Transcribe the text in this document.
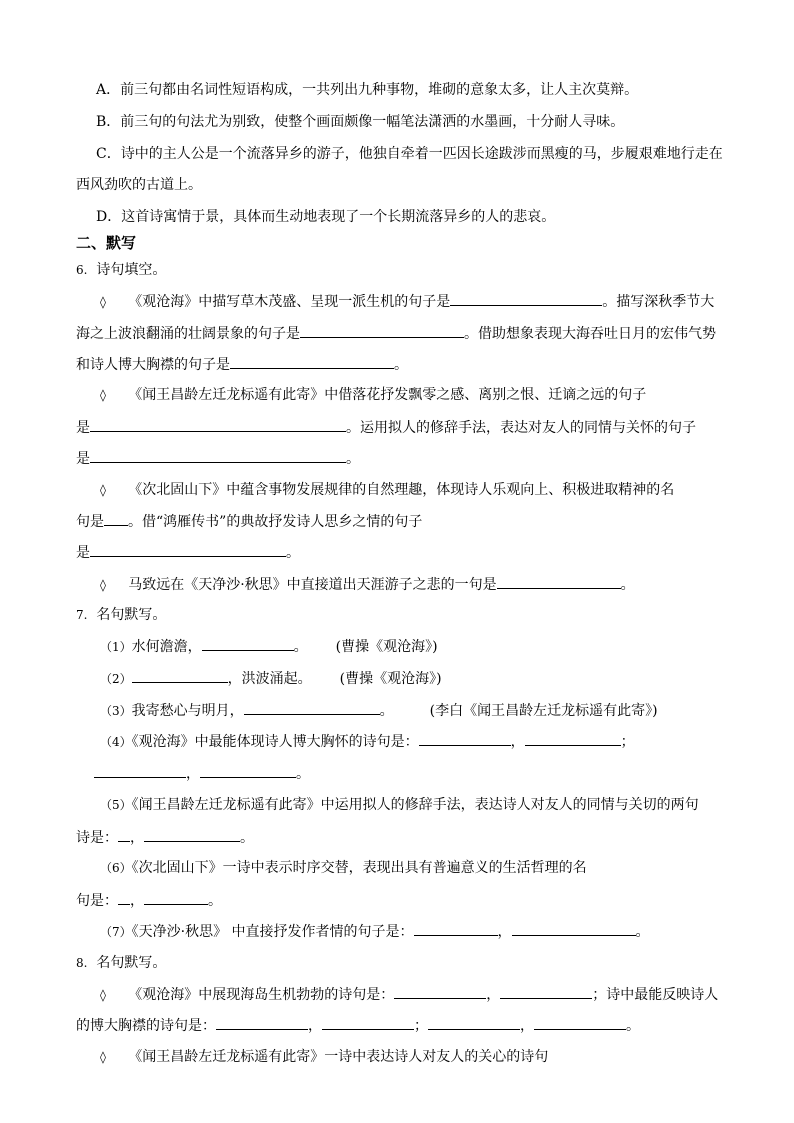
A．前三句都由名词性短语构成，一共列出九种事物，堆砌的意象太多，让人主次莫辩。
B．前三句的句法尤为别致，使整个画面颇像一幅笔法潇洒的水墨画，十分耐人寻味。
C．诗中的主人公是一个流落异乡的游子，他独自牵着一匹因长途跋涉而黑瘦的马，步履艰难地行走在
西风劲吹的古道上。
D．这首诗寓情于景，具体而生动地表现了一个长期流落异乡的人的悲哀。
二、默写
6. 诗句填空。
◊ 《观沧海》中描写草木茂盛、呈现一派生机的句子是	。描写深秋季节大
海之上波浪翻涌的壮阔景象的句子是	。借助想象表现大海吞吐日月的宏伟气势
和诗人博大胸襟的句子是	。
◊ 《闻王昌龄左迁龙标遥有此寄》中借落花抒发飘零之感、离别之恨、迁谪之远的句子
是	。运用拟人的修辞手法，表达对友人的同情与关怀的句子
是	。
◊ 《次北固山下》中蕴含事物发展规律的自然理趣，体现诗人乐观向上、积极进取精神的名
句是 。借“鸿雁传书”的典故抒发诗人思乡之情的句子
是	。
◊ 马致远在《天净沙·秋思》中直接道出天涯游子之悲的一句是	。
7. 名句默写。
（1）水何澹澹，	。 (曹操《观沧海》)
（2）	，洪波涌起。 (曹操《观沧海》)
（3）我寄愁心与明月，	。	(李白《闻王昌龄左迁龙标遥有此寄》)
（4）《观沧海》中最能体现诗人博大胸怀的诗句是：	，	；
，	。
（5）《闻王昌龄左迁龙标遥有此寄》中运用拟人的修辞手法，表达诗人对友人的同情与关切的两句
诗是： ，	。
（6）《次北固山下》一诗中表示时序交替，表现出具有普遍意义的生活哲理的名
句是： ，	。
（7）《天净沙·秋思》 中直接抒发作者情的句子是：	，	。
8. 名句默写。
◊ 《观沧海》中展现海岛生机勃勃的诗句是：	，	；诗中最能反映诗人
的博大胸襟的诗句是：	，	；	，	。
◊ 《闻王昌龄左迁龙标遥有此寄》一诗中表达诗人对友人的关心的诗句
